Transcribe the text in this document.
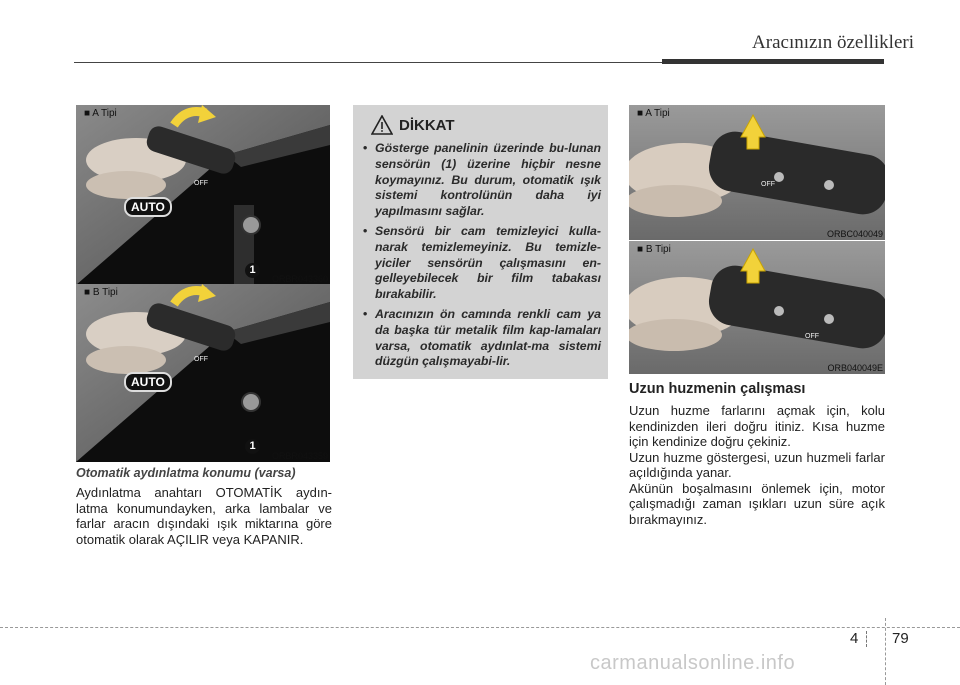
Aracınızın özellikleri
■ A Tipi
AUTO
OFF
1
ORBR043360
■ B Tipi
AUTO
OFF
1
ORBR043359
Otomatik aydınlatma konumu (varsa)
Aydınlatma anahtarı OTOMATİK aydın-latma konumundayken, arka lambalar ve farlar aracın dışındaki ışık miktarına göre otomatik olarak AÇILIR veya KAPANIR.
DİKKAT
• Gösterge panelinin üzerinde bu-lunan sensörün (1) üzerine hiçbir nesne koymayınız. Bu durum, otomatik ışık sistemi kontrolünün daha iyi yapılmasını sağlar.
• Sensörü bir cam temizleyici kulla-narak temizlemeyiniz. Bu temizle-yiciler sensörün çalışmasını en-gelleyebilecek bir film tabakası bırakabilir.
• Aracınızın ön camında renkli cam ya da başka tür metalik film kap-lamaları varsa, otomatik aydınlat-ma sistemi düzgün çalışmayabi-lir.
■ A Tipi
OFF
ORBC040049
■ B Tipi
OFF
ORB040049E
Uzun huzmenin çalışması
Uzun huzme farlarını açmak için, kolu kendinizden ileri doğru itiniz. Kısa huzme için kendinize doğru çekiniz.
Uzun huzme göstergesi, uzun huzmeli farlar açıldığında yanar.
Akünün boşalmasını önlemek için, motor çalışmadığı zaman ışıkları uzun süre açık bırakmayınız.
4 79
carmanualsonline.info
